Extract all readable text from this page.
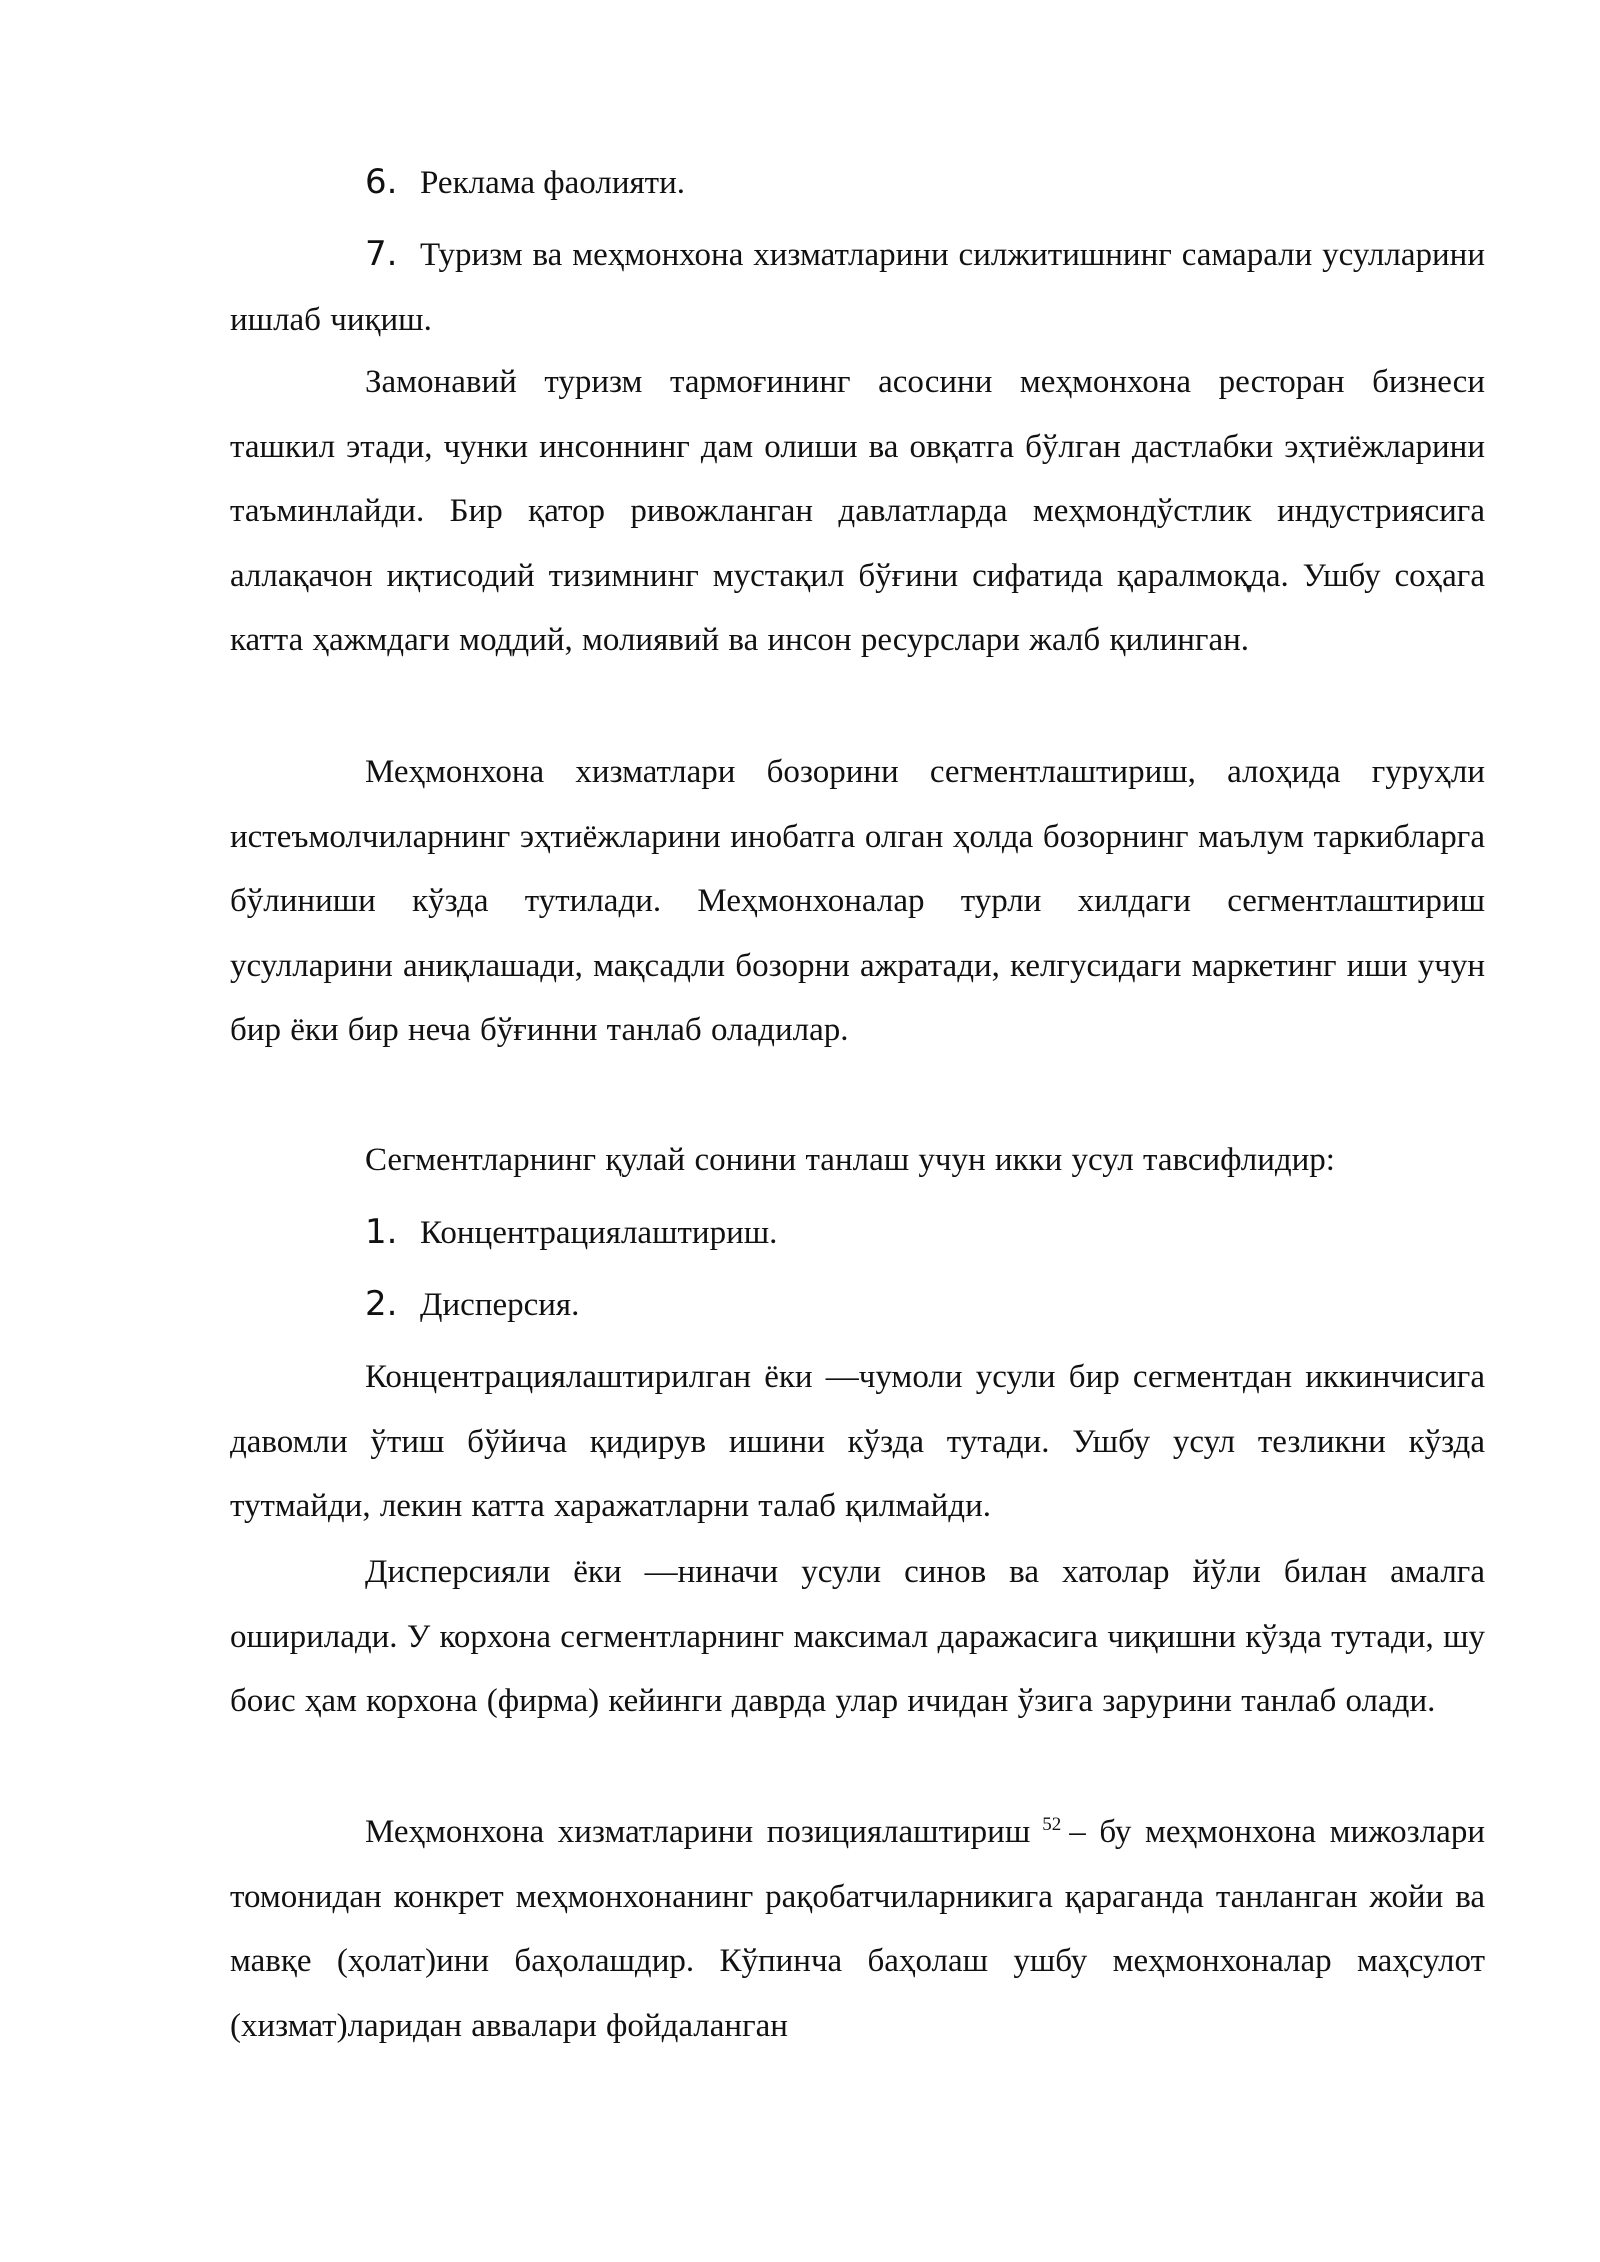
6. Реклама фаолияти.

7. Туризм ва меҳмонхона хизматларини силжитишнинг самарали усулларини ишлаб чиқиш.

Замонавий туризм тармоғининг асосини меҳмонхона ресторан бизнеси ташкил этади, чунки инсоннинг дам олиши ва овқатга бўлган дастлабки эҳтиёжларини таъминлайди. Бир қатор ривожланган давлатларда меҳмондўстлик индустриясига аллақачон иқтисодий тизимнинг мустақил бўғини сифатида қаралмоқда. Ушбу соҳага катта ҳажмдаги моддий, молиявий ва инсон ресурслари жалб қилинган.

Меҳмонхона хизматлари бозорини сегментлаштириш, алоҳида гуруҳли истеъмолчиларнинг эҳтиёжларини инобатга олган ҳолда бозорнинг маълум таркибларга бўлиниши кўзда тутилади. Меҳмонхоналар турли хилдаги сегментлаштириш усулларини аниқлашади, мақсадли бозорни ажратади, келгусидаги маркетинг иши учун бир ёки бир неча бўғинни танлаб оладилар.

Сегментларнинг қулай сонини танлаш учун икки усул тавсифлидир:

1. Концентрациялаштириш.

2. Дисперсия.

Концентрациялаштирилган ёки ―чумоли усули бир сегментдан иккинчисига давомли ўтиш бўйича қидирув ишини кўзда тутади. Ушбу усул тезликни кўзда тутмайди, лекин катта харажатларни талаб қилмайди.

Дисперсияли ёки ―ниначи усули синов ва хатолар йўли билан амалга оширилади. У корхона сегментларнинг максимал даражасига чиқишни кўзда тутади, шу боис ҳам корхона (фирма) кейинги даврда улар ичидан ўзига зарурини танлаб олади.

Меҳмонхона хизматларини позициялаштириш $^{52}$ – бу меҳмонхона мижозлари томонидан конкрет меҳмонхонанинг рақобатчиларникига қараганда танланган жойи ва мавқе (ҳолат)ини баҳолашдир. Кўпинча баҳолаш ушбу меҳмонхоналар маҳсулот (хизмат)ларидан аввалари фойдаланган
